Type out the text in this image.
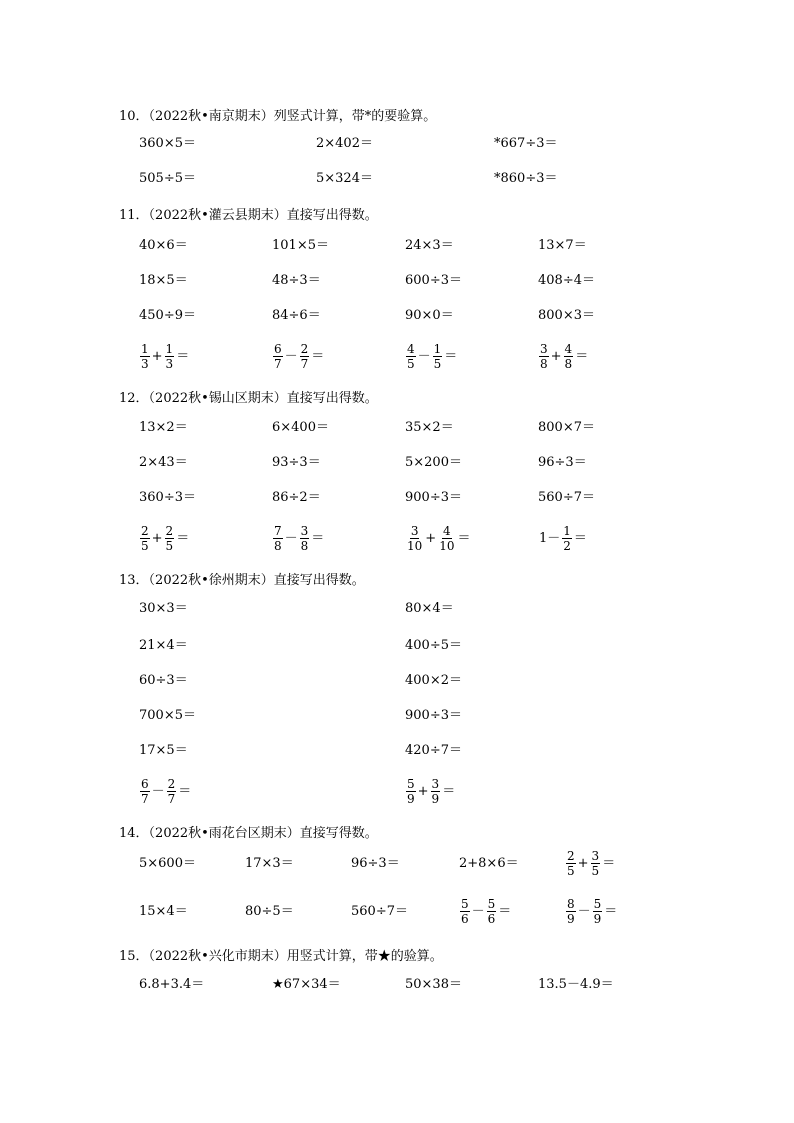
10．（2022秋•南京期末）列竖式计算，带*的要验算。
360×5＝	2×402＝	*667÷3＝
505÷5＝	5×324＝	*860÷3＝
11．（2022秋•灌云县期末）直接写出得数。
40×6＝	101×5＝	24×3＝	13×7＝
18×5＝	48÷3＝	600÷3＝	408÷4＝
450÷9＝	84÷6＝	90×0＝	800×3＝
$\frac{1}{3} + \frac{1}{3}$ ＝	$\frac{6}{7} - \frac{2}{7}$ ＝	$\frac{4}{5} - \frac{1}{5}$ ＝	$\frac{3}{8} + \frac{4}{8}$ ＝
12．（2022秋•锡山区期末）直接写出得数。
13×2＝	6×400＝	35×2＝	800×7＝
2×43＝	93÷3＝	5×200＝	96÷3＝
360÷3＝	86÷2＝	900÷3＝	560÷7＝
$\frac{2}{5} + \frac{2}{5}$ ＝	$\frac{7}{8} - \frac{3}{8}$ ＝	$\frac{3}{10} + \frac{4}{10}$ ＝	$1- \frac{1}{2}$ ＝
13．（2022秋•徐州期末）直接写出得数。
30×3＝	80×4＝
21×4＝	400÷5＝
60÷3＝	400×2＝
700×5＝	900÷3＝
17×5＝	420÷7＝
$\frac{6}{7} - \frac{2}{7}$ ＝	$\frac{5}{9} + \frac{3}{9}$ ＝
14．（2022秋•雨花台区期末）直接写得数。
5×600＝	17×3＝	96÷3＝	2+8×6＝	$\frac{2}{5} + \frac{3}{5}$ ＝
15×4＝	80÷5＝	560÷7＝	$\frac{5}{6} - \frac{5}{6}$ ＝	$\frac{8}{9} - \frac{5}{9}$ ＝
15．（2022秋•兴化市期末）用竖式计算，带★的验算。
6.8+3.4＝	★67×34＝	50×38＝	13.5－4.9＝
